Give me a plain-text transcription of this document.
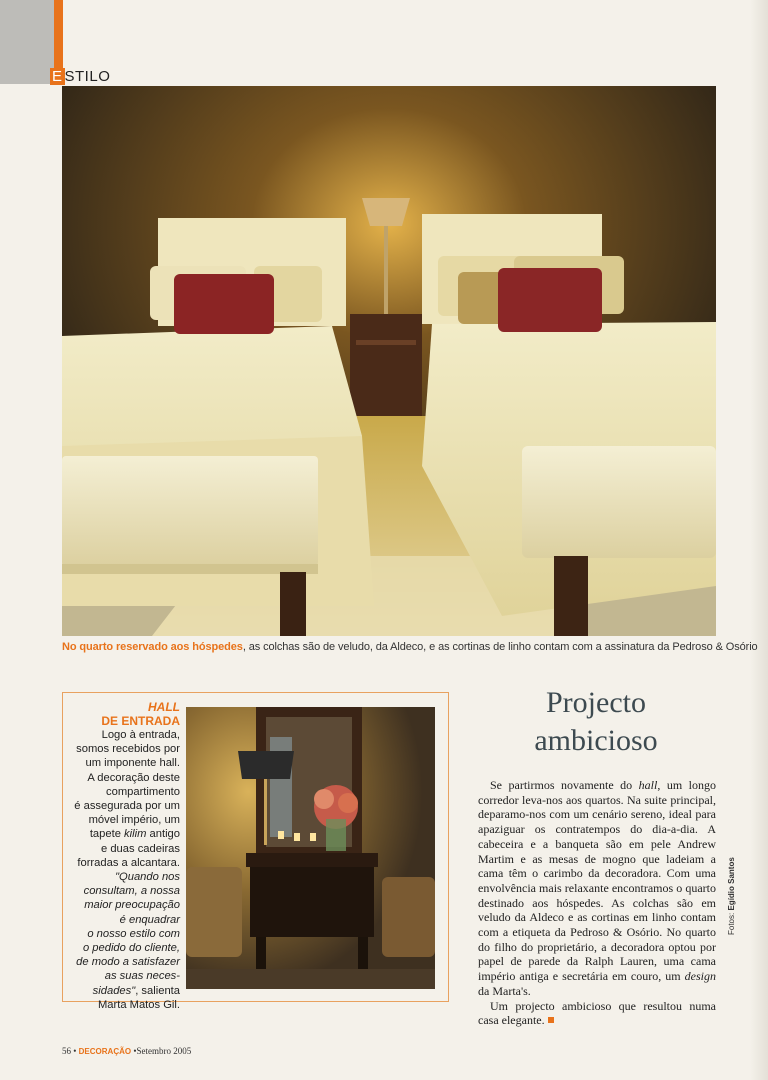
E STILO
No quarto reservado aos hóspedes, as colchas são de veludo, da Aldeco, e as cortinas de linho contam com a assinatura da Pedroso & Osório
HALL
DE ENTRADA
Logo à entrada,
somos recebidos por
um imponente hall.
A decoração deste
compartimento
é assegurada por um
móvel império, um
tapete kilim antigo
e duas cadeiras
forradas a alcantara.
"Quando nos
consultam, a nossa
maior preocupação
é enquadrar
o nosso estilo com
o pedido do cliente,
de modo a satisfazer
as suas neces-
sidades", salienta
Marta Matos Gil.
Projecto
ambicioso

Se partirmos novamente do hall, um longo corredor leva-nos aos quartos. Na suite principal, deparamo-nos com um cenário sereno, ideal para apaziguar os contratempos do dia-a-dia. A cabeceira e a banqueta são em pele Andrew Martim e as mesas de mogno que ladeiam a cama têm o carimbo da decoradora. Com uma envolvência mais relaxante encontramos o quarto destinado aos hóspedes. As colchas são em veludo da Aldeco e as cortinas em linho contam com a etiqueta da Pedroso & Osório. No quarto do filho do proprietário, a decoradora optou por papel de parede da Ralph Lauren, uma cama império antiga e secretária em couro, um design da Marta's.

Um projecto ambicioso que resultou numa casa elegante.

Fotos: Egídio Santos
56 • DECORAÇÃO •Setembro 2005
